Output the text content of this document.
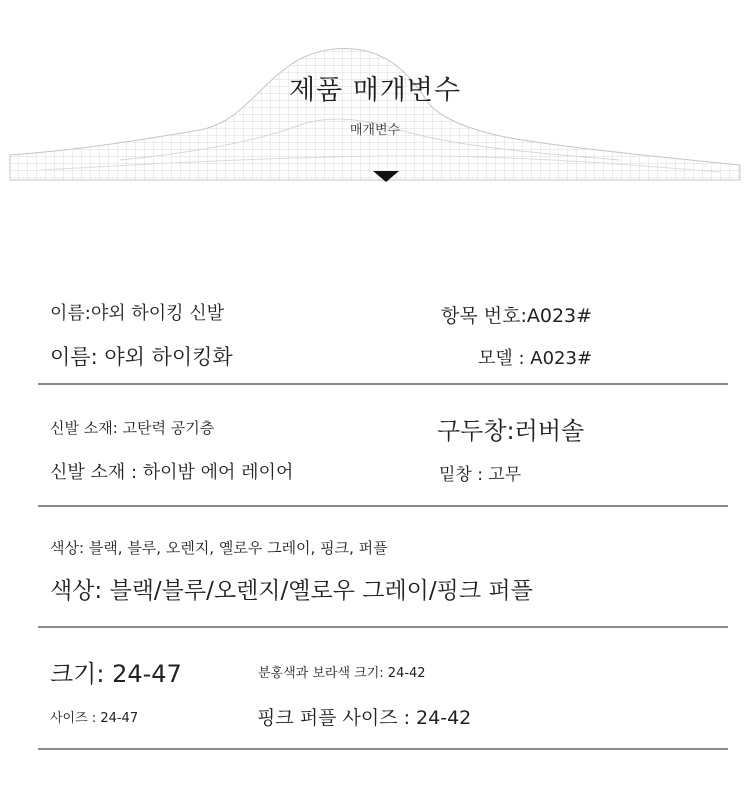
제품 매개변수
매개변수
이름:야외 하이킹 신발
이름: 야외 하이킹화
항목 번호:A023#
모델 : A023#
신발 소재: 고탄력 공기층
신발 소재 : 하이밤 에어 레이어
구두창:러버솔
밑창 : 고무
색상: 블랙, 블루, 오렌지, 옐로우 그레이, 핑크, 퍼플
색상: 블랙/블루/오렌지/옐로우 그레이/핑크 퍼플
크기: 24-47
사이즈 : 24-47
분홍색과 보라색 크기: 24-42
핑크 퍼플 사이즈 : 24-42
